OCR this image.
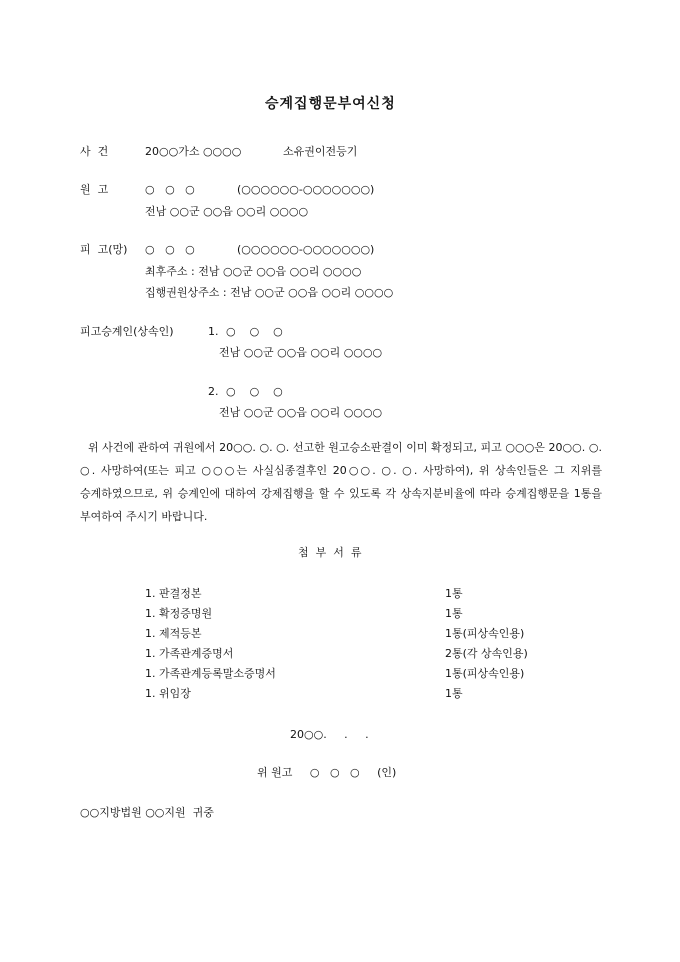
승계집행문부여신청
사  건	20○○가소 ○○○○	소유권이전등기
원  고	○   ○   ○	(○○○○○○-○○○○○○○)
전남 ○○군 ○○읍 ○○리 ○○○○
피  고(망) ○   ○   ○	(○○○○○○-○○○○○○○)
최후주소 : 전남 ○○군 ○○읍 ○○리 ○○○○
집행권원상주소 : 전남 ○○군 ○○읍 ○○리 ○○○○
피고승계인(상속인)	1. ○    ○    ○
전남 ○○군 ○○읍 ○○리 ○○○○
2. ○    ○    ○
전남 ○○군 ○○읍 ○○리 ○○○○
위 사건에 관하여 귀원에서 20○○. ○. ○. 선고한 원고승소판결이 이미 확정되고, 피고 ○○○은 20○○. ○. ○. 사망하여(또는 피고 ○○○는 사실심종결후인 20○○. ○. ○. 사망하여), 위 상속인들은 그 지위를 승계하였으므로, 위 승계인에 대하여 강제집행을 할 수 있도록 각 상속지분비율에 따라 승계집행문을 1통을 부여하여 주시기 바랍니다.
첨  부  서  류
1. 판결정본	1통
1. 확정증명원	1통
1. 제적등본	1통(피상속인용)
1. 가족관계증명서	2통(각 상속인용)
1. 가족관계등록말소증명서	1통(피상속인용)
1. 위임장	1통
20○○.     .     .
위 원고     ○   ○   ○     (인)
○○지방법원 ○○지원  귀중
